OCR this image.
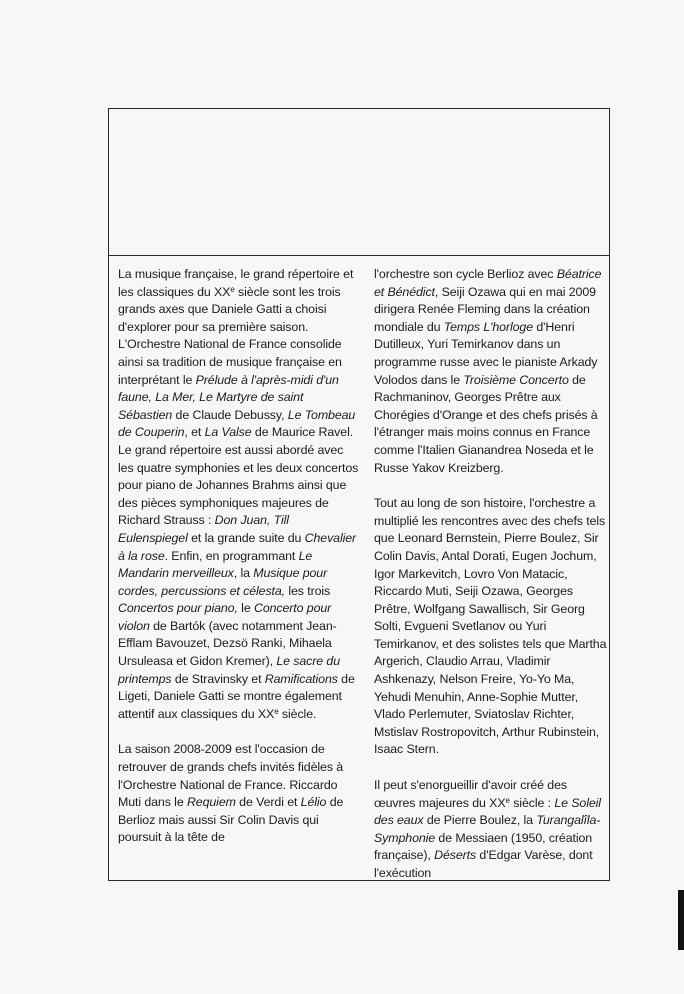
La musique française, le grand répertoire et les classiques du XXe siècle sont les trois grands axes que Daniele Gatti a choisi d'explorer pour sa première saison. L'Orchestre National de France consolide ainsi sa tradition de musique française en interprétant le Prélude à l'après-midi d'un faune, La Mer, Le Martyre de saint Sébastien de Claude Debussy, Le Tombeau de Couperin, et La Valse de Maurice Ravel. Le grand répertoire est aussi abordé avec les quatre symphonies et les deux concertos pour piano de Johannes Brahms ainsi que des pièces symphoniques majeures de Richard Strauss : Don Juan, Till Eulenspiegel et la grande suite du Chevalier à la rose. Enfin, en programmant Le Mandarin merveilleux, la Musique pour cordes, percussions et célesta, les trois Concertos pour piano, le Concerto pour violon de Bartók (avec notamment Jean-Efflam Bavouzet, Dezsö Ranki, Mihaela Ursuleasa et Gidon Kremer), Le sacre du printemps de Stravinsky et Ramifications de Ligeti, Daniele Gatti se montre également attentif aux classiques du XXe siècle.

La saison 2008-2009 est l'occasion de retrouver de grands chefs invités fidèles à l'Orchestre National de France. Riccardo Muti dans le Requiem de Verdi et Lélio de Berlioz mais aussi Sir Colin Davis qui poursuit à la tête de

l'orchestre son cycle Berlioz avec Béatrice et Bénédict, Seiji Ozawa qui en mai 2009 dirigera Renée Fleming dans la création mondiale du Temps L'horloge d'Henri Dutilleux, Yuri Temirkanov dans un programme russe avec le pianiste Arkady Volodos dans le Troisième Concerto de Rachmaninov, Georges Prêtre aux Chorégies d'Orange et des chefs prisés à l'étranger mais moins connus en France comme l'Italien Gianandrea Noseda et le Russe Yakov Kreizberg.

Tout au long de son histoire, l'orchestre a multiplié les rencontres avec des chefs tels que Leonard Bernstein, Pierre Boulez, Sir Colin Davis, Antal Dorati, Eugen Jochum, Igor Markevitch, Lovro Von Matacic, Riccardo Muti, Seiji Ozawa, Georges Prêtre, Wolfgang Sawallisch, Sir Georg Solti, Evgueni Svetlanov ou Yuri Temirkanov, et des solistes tels que Martha Argerich, Claudio Arrau, Vladimir Ashkenazy, Nelson Freire, Yo-Yo Ma, Yehudi Menuhin, Anne-Sophie Mutter, Vlado Perlemuter, Sviatoslav Richter, Mstislav Rostropovitch, Arthur Rubinstein, Isaac Stern.

Il peut s'enorgueillir d'avoir créé des œuvres majeures du XXe siècle : Le Soleil des eaux de Pierre Boulez, la Turangalîla-Symphonie de Messiaen (1950, création française), Déserts d'Edgar Varèse, dont l'exécution
